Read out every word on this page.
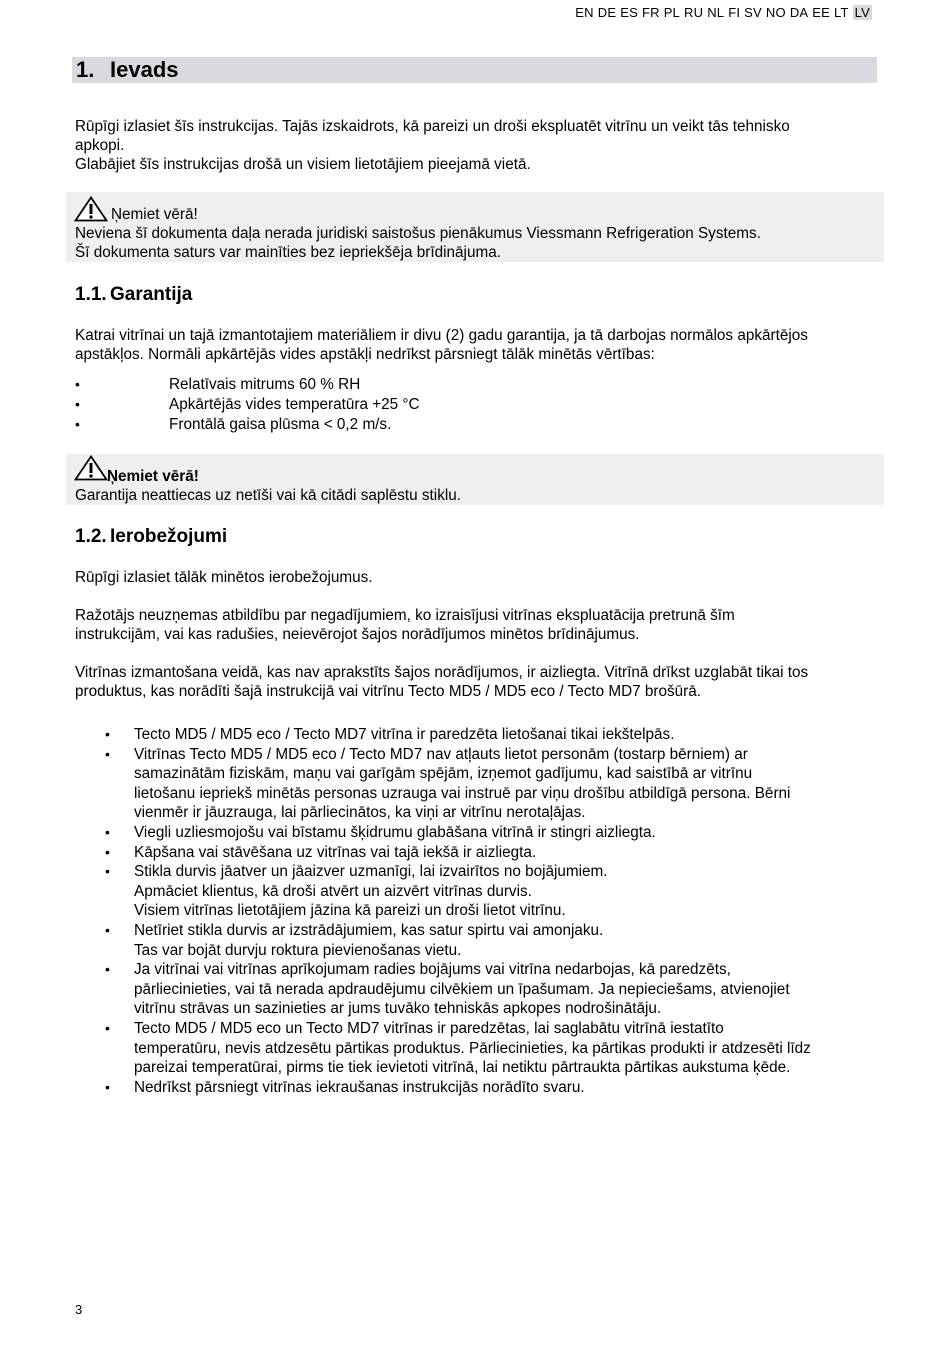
EN DE ES FR PL RU NL FI SV NO DA EE LT LV
1. Ievads
Rūpīgi izlasiet šīs instrukcijas. Tajās izskaidrots, kā pareizi un droši ekspluatēt vitrīnu un veikt tās tehnisko
apkopi.
Glabājiet šīs instrukcijas drošā un visiem lietotājiem pieejamā vietā.
Ņemiet vērā!
Neviena šī dokumenta daļa nerada juridiski saistošus pienākumus Viessmann Refrigeration Systems.
Šī dokumenta saturs var mainīties bez iepriekšēja brīdinājuma.
1.1. Garantija
Katrai vitrīnai un tajā izmantotajiem materiāliem ir divu (2) gadu garantija, ja tā darbojas normālos apkārtējos
apstākļos. Normāli apkārtējās vides apstākļi nedrīkst pārsniegt tālāk minētās vērtības:
• Relatīvais mitrums 60 % RH
• Apkārtējās vides temperatūra +25 °C
• Frontālā gaisa plūsma < 0,2 m/s.
Ņemiet vērā!
Garantija neattiecas uz netīši vai kā citādi saplēstu stiklu.
1.2. Ierobežojumi
Rūpīgi izlasiet tālāk minētos ierobežojumus.
Ražotājs neuzņemas atbildību par negadījumiem, ko izraisījusi vitrīnas ekspluatācija pretrunā šīm
instrukcijām, vai kas radušies, neievērojot šajos norādījumos minētos brīdinājumus.
Vitrīnas izmantošana veidā, kas nav aprakstīts šajos norādījumos, ir aizliegta. Vitrīnā drīkst uzglabāt tikai tos
produktus, kas norādīti šajā instrukcijā vai vitrīnu Tecto MD5 / MD5 eco / Tecto MD7 brošūrā.
• Tecto MD5 / MD5 eco / Tecto MD7 vitrīna ir paredzēta lietošanai tikai iekštelpās.
• Vitrīnas Tecto MD5 / MD5 eco / Tecto MD7 nav atļauts lietot personām (tostarp bērniem) ar
samazinātām fiziskām, maņu vai garīgām spējām, izņemot gadījumu, kad saistībā ar vitrīnu
lietošanu iepriekš minētās personas uzrauga vai instruē par viņu drošību atbildīgā persona. Bērni
vienmēr ir jāuzrauga, lai pārliecinātos, ka viņi ar vitrīnu nerotaļājas.
• Viegli uzliesmojošu vai bīstamu šķidrumu glabāšana vitrīnā ir stingri aizliegta.
• Kāpšana vai stāvēšana uz vitrīnas vai tajā iekšā ir aizliegta.
• Stikla durvis jāatver un jāaizver uzmanīgi, lai izvairītos no bojājumiem.
Apmāciet klientus, kā droši atvērt un aizvērt vitrīnas durvis.
Visiem vitrīnas lietotājiem jāzina kā pareizi un droši lietot vitrīnu.
• Netīriet stikla durvis ar izstrādājumiem, kas satur spirtu vai amonjaku.
Tas var bojāt durvju roktura pievienošanas vietu.
• Ja vitrīnai vai vitrīnas aprīkojumam radies bojājums vai vitrīna nedarbojas, kā paredzēts,
pārliecinieties, vai tā nerada apdraudējumu cilvēkiem un īpašumam. Ja nepieciešams, atvienojiet
vitrīnu strāvas un sazinieties ar jums tuvāko tehniskās apkopes nodrošinātāju.
• Tecto MD5 / MD5 eco un Tecto MD7 vitrīnas ir paredzētas, lai saglabātu vitrīnā iestatīto
temperatūru, nevis atdzesētu pārtikas produktus. Pārliecinieties, ka pārtikas produkti ir atdzesēti līdz
pareizai temperatūrai, pirms tie tiek ievietoti vitrīnā, lai netiktu pārtraukta pārtikas aukstuma ķēde.
• Nedrīkst pārsniegt vitrīnas iekraušanas instrukcijās norādīto svaru.
3
